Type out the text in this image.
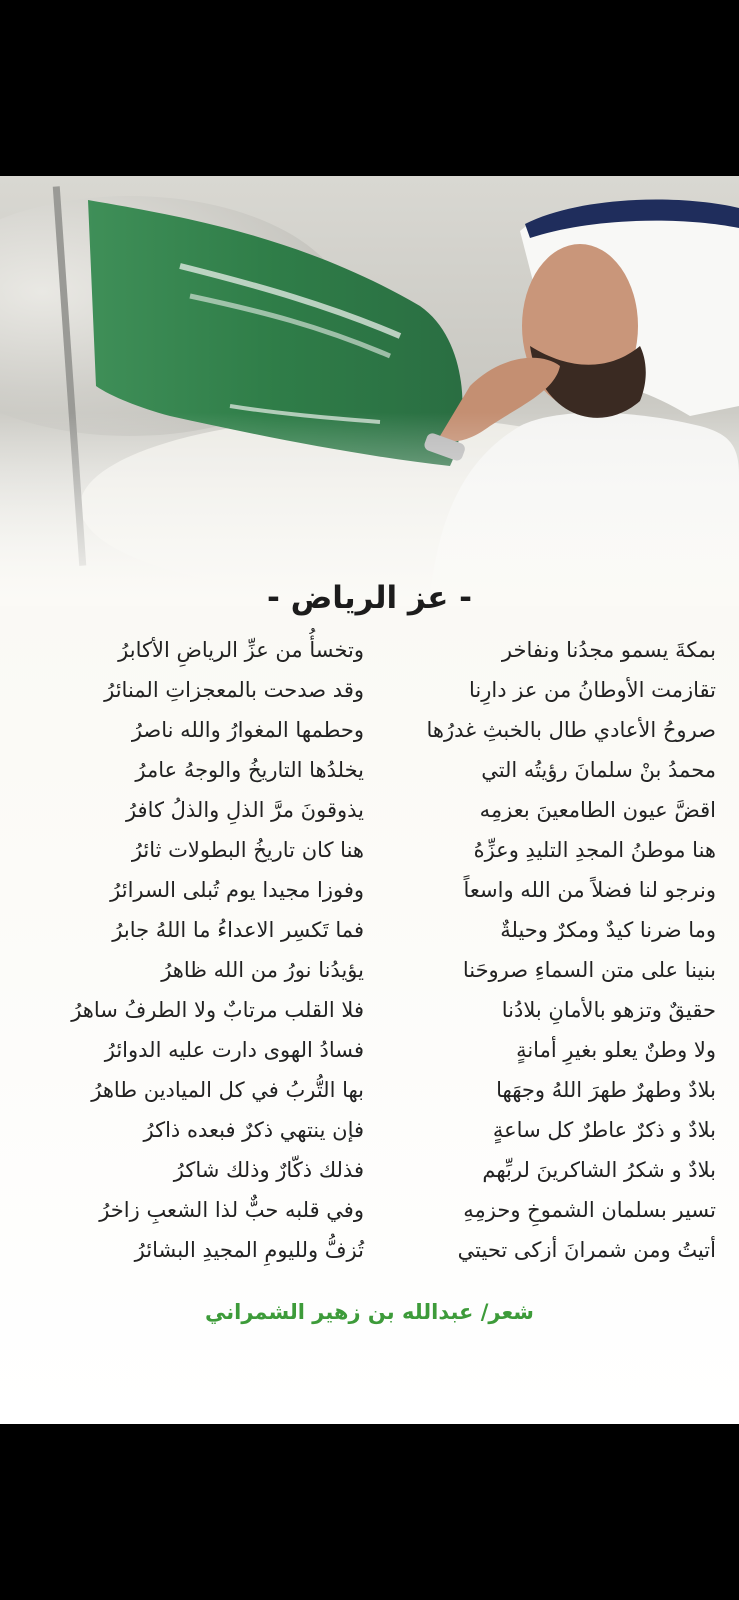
- عز الرياض -
بمكةَ يسمو مجدُنا ونفاخر
وتخسأُ من عزِّ الرياضِ الأكابرُ
تقازمت الأوطانُ من عز دارِنا
وقد صدحت بالمعجزاتِ المنائرُ
صروحُ الأعادي طال بالخبثِ غدرُها
وحطمها المغوارُ والله ناصرُ
محمدُ بنْ سلمانَ رؤيتُه التي
يخلدُها التاريخُ والوجهُ عامرُ
اقضَّ عيون الطامعينَ بعزمِه
يذوقونَ مرَّ الذلِ والذلُ كافرُ
هنا موطنُ المجدِ التليدِ وعزِّهُ
هنا كان تاريخُ البطولات ثائرُ
ونرجو لنا فضلاً من الله واسعاً
وفوزا مجيدا يوم تُبلى السرائرُ
وما ضرنا كيدٌ ومكرٌ وحيلةٌ
فما تَكسِر الاعداءُ ما اللهُ جابرُ
بنينا على متن السماءِ صروحَنا
يؤيدُنا نورُ من الله ظاهرُ
حقيقٌ وتزهو بالأمانِ بلادُنا
فلا القلب مرتابٌ ولا الطرفُ ساهرُ
ولا وطنٌ يعلو بغيرِ أمانةٍ
فسادُ الهوى دارت عليه الدوائرُ
بلادٌ وطهرٌ طهرَ اللهُ وجهَها
بها التُّربُ في كل الميادين طاهرُ
بلادٌ و ذكرٌ عاطرٌ كل ساعةٍ
فإن ينتهي ذكرٌ فبعده ذاكرُ
بلادٌ و شكرُ الشاكرينَ لربِّهم
فذلك ذكّارٌ وذلك شاكرُ
تسير بسلمان الشموخِ وحزمِهِ
وفي قلبه حبٌّ لذا الشعبِ زاخرُ
أتيتُ ومن شمرانَ أزكى تحيتي
تُزفُّ ولليومِ المجيدِ البشائرُ
شعر/ عبدالله بن زهير الشمراني
